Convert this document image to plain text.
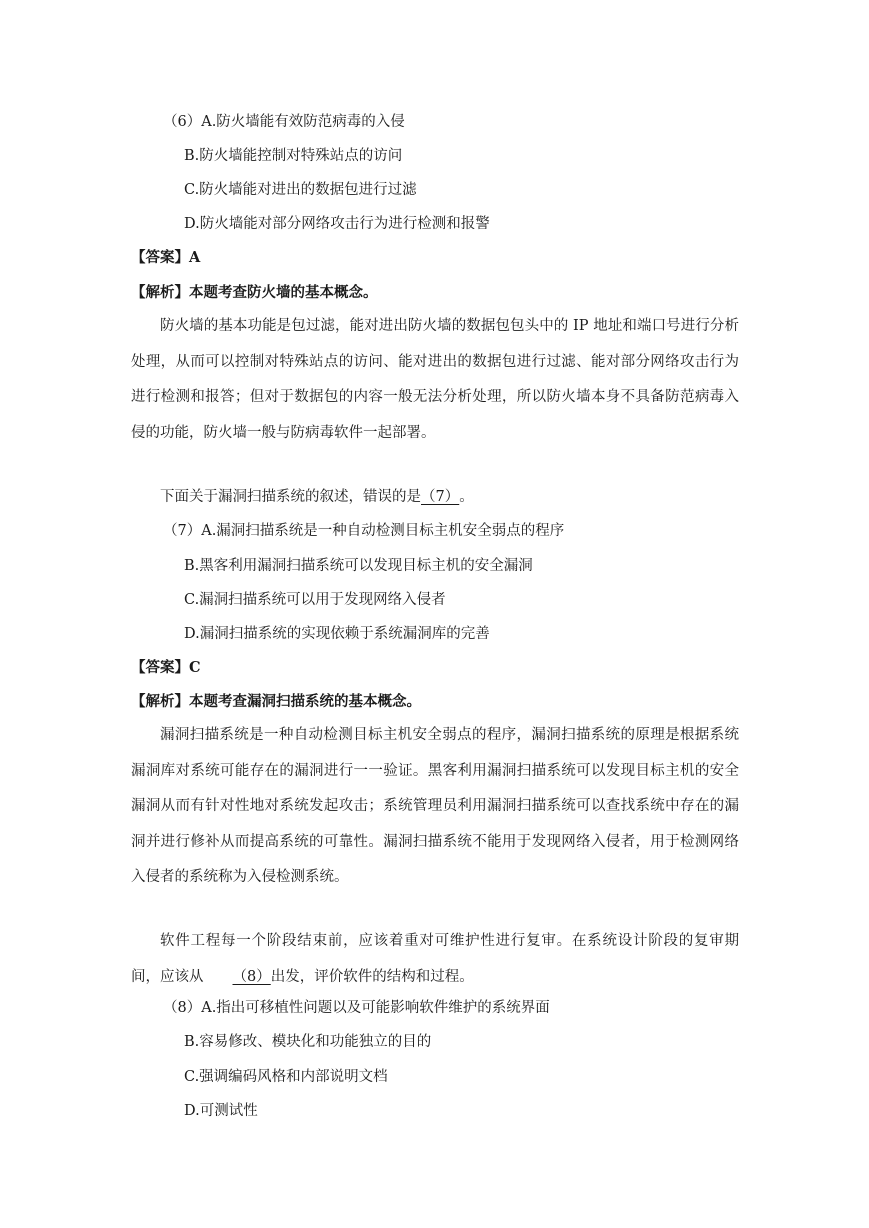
（6）A.防火墙能有效防范病毒的入侵
B.防火墙能控制对特殊站点的访问
C.防火墙能对进出的数据包进行过滤
D.防火墙能对部分网络攻击行为进行检测和报警
【答案】A
【解析】本题考查防火墙的基本概念。
防火墙的基本功能是包过滤，能对进出防火墙的数据包包头中的 IP 地址和端口号进行分析处理，从而可以控制对特殊站点的访问、能对进出的数据包进行过滤、能对部分网络攻击行为进行检测和报答；但对于数据包的内容一般无法分析处理，所以防火墙本身不具备防范病毒入侵的功能，防火墙一般与防病毒软件一起部署。
下面关于漏洞扫描系统的叙述，错误的是（7）。
（7）A.漏洞扫描系统是一种自动检测目标主机安全弱点的程序
B.黑客利用漏洞扫描系统可以发现目标主机的安全漏洞
C.漏洞扫描系统可以用于发现网络入侵者
D.漏洞扫描系统的实现依赖于系统漏洞库的完善
【答案】C
【解析】本题考查漏洞扫描系统的基本概念。
漏洞扫描系统是一种自动检测目标主机安全弱点的程序，漏洞扫描系统的原理是根据系统漏洞库对系统可能存在的漏洞进行一一验证。黑客利用漏洞扫描系统可以发现目标主机的安全漏洞从而有针对性地对系统发起攻击；系统管理员利用漏洞扫描系统可以查找系统中存在的漏洞并进行修补从而提高系统的可靠性。漏洞扫描系统不能用于发现网络入侵者，用于检测网络入侵者的系统称为入侵检测系统。
软件工程每一个阶段结束前，应该着重对可维护性进行复审。在系统设计阶段的复审期间，应该从 （8）出发，评价软件的结构和过程。
（8）A.指出可移植性问题以及可能影响软件维护的系统界面
B.容易修改、模块化和功能独立的目的
C.强调编码风格和内部说明文档
D.可测试性
